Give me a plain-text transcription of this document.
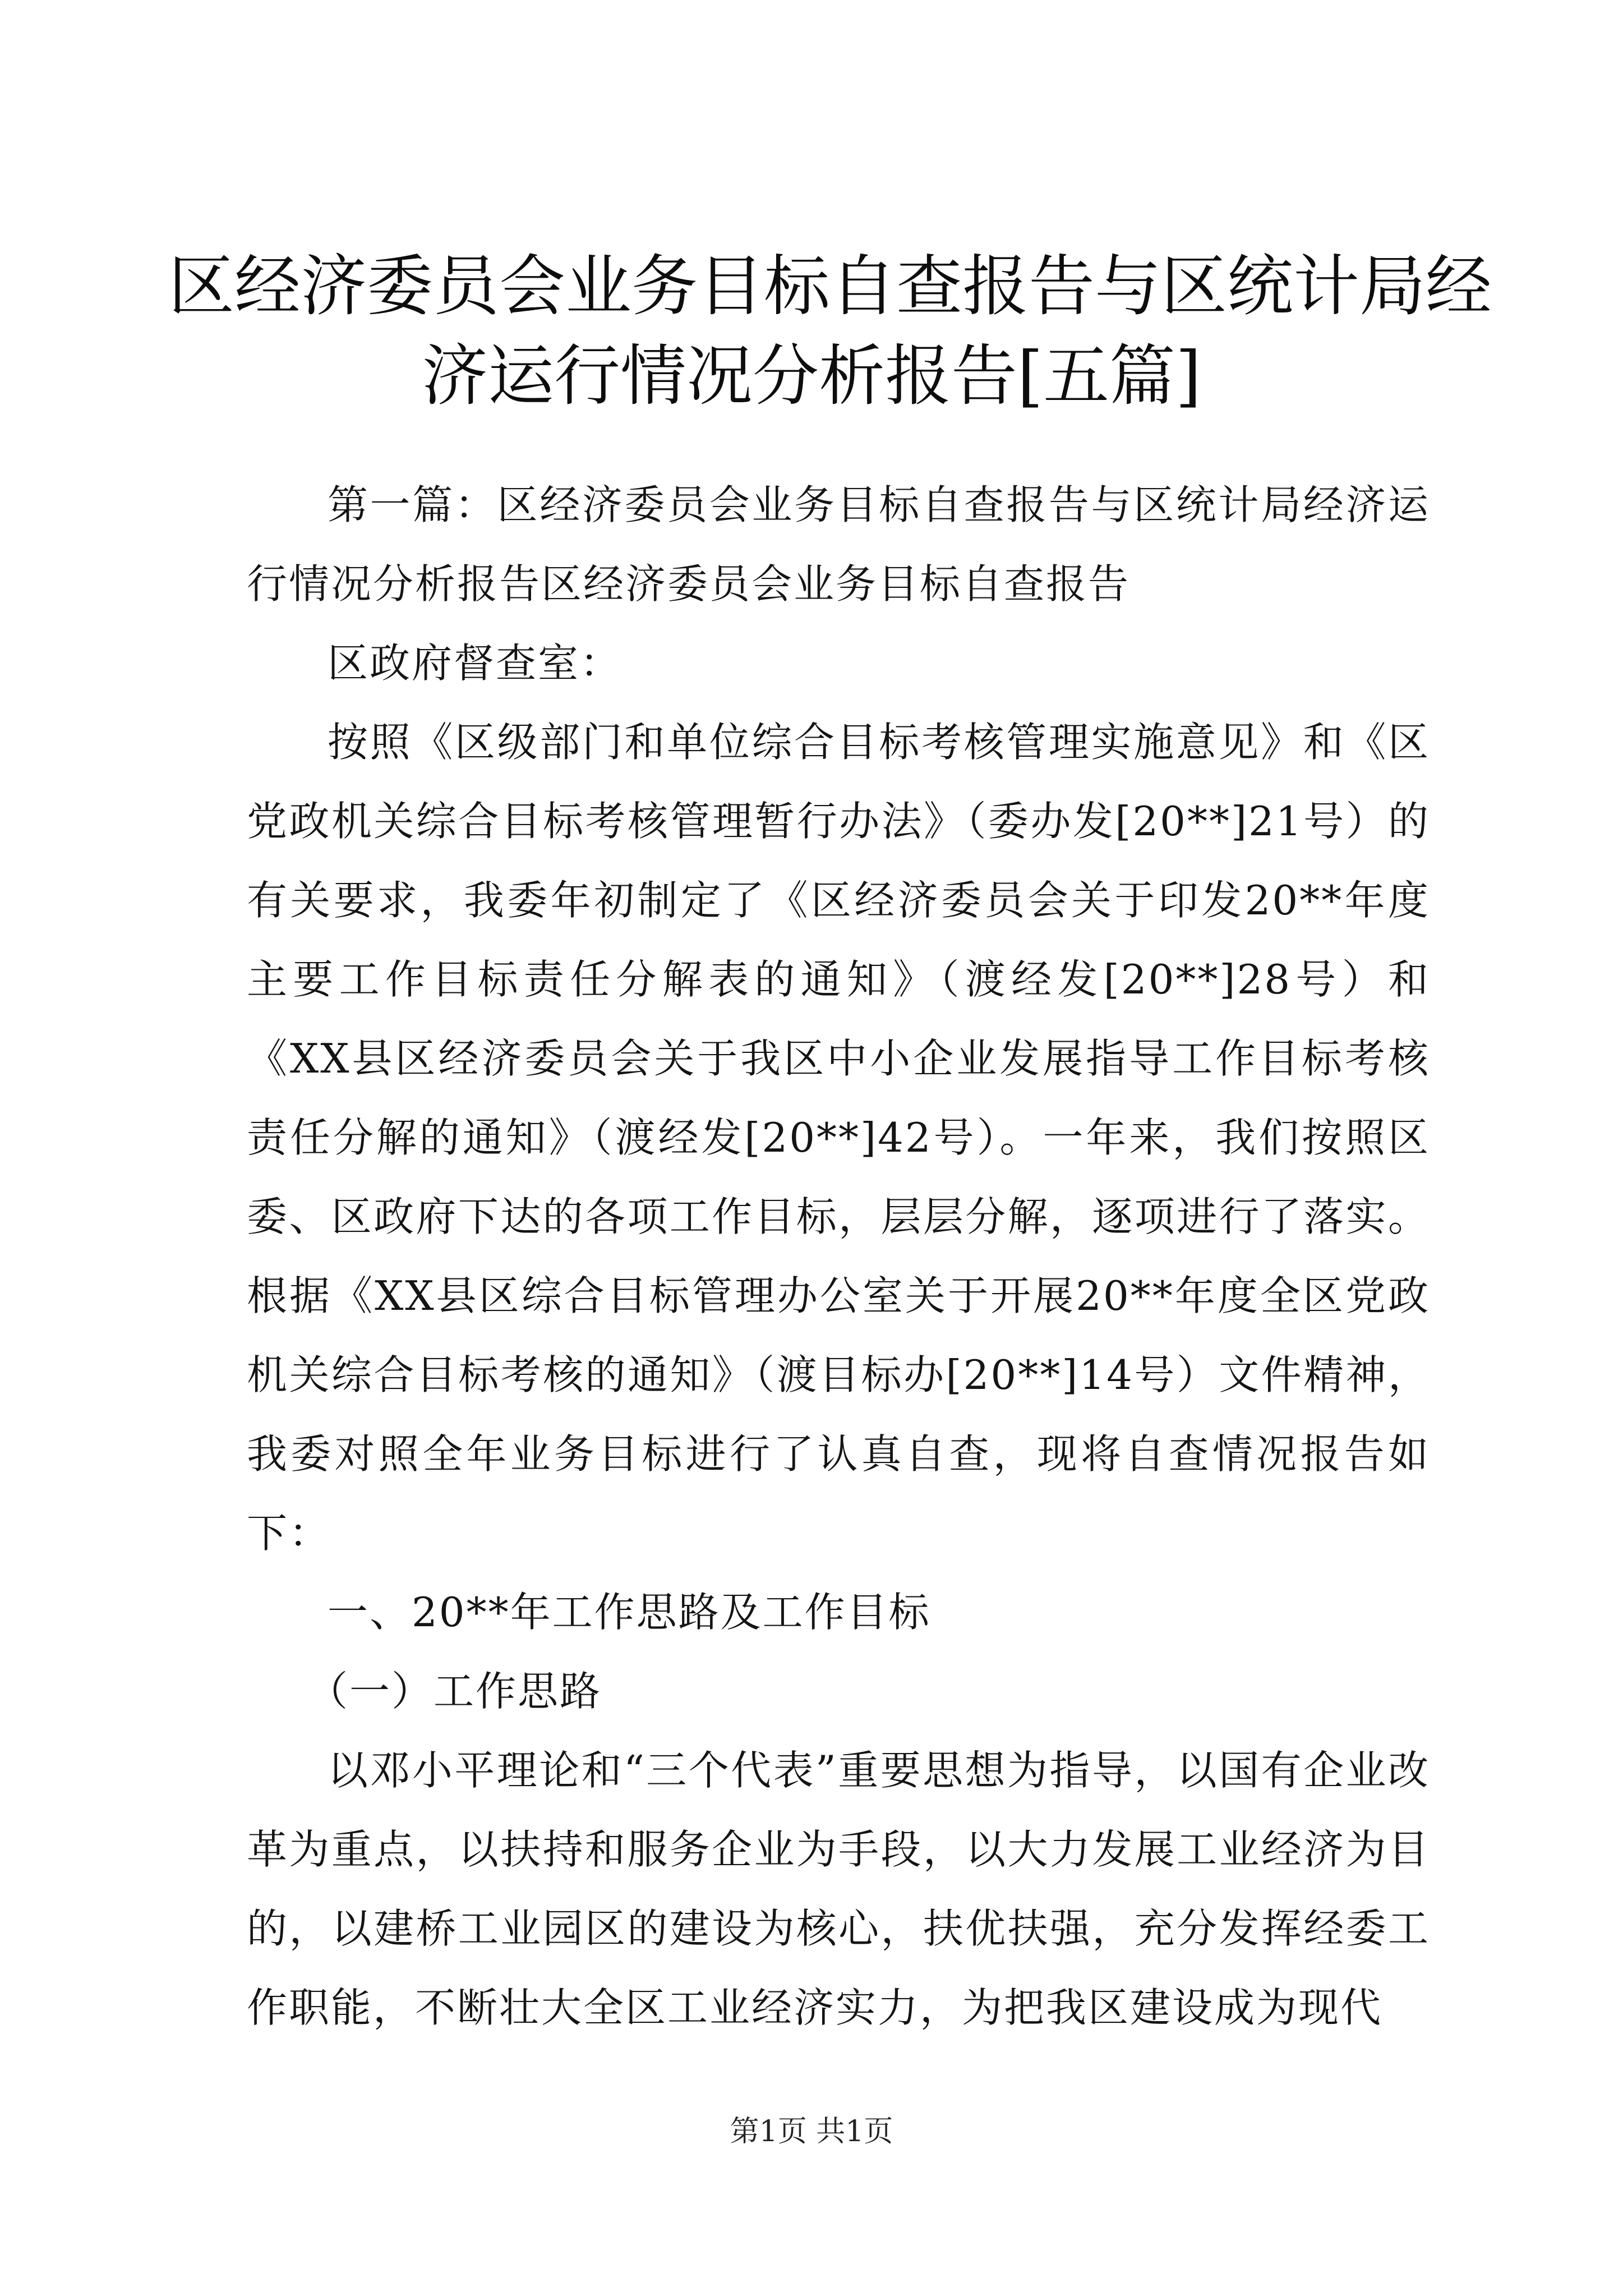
区经济委员会业务目标自查报告与区统计局经
济运行情况分析报告[五篇]

第一篇：区经济委员会业务目标自查报告与区统计局经济运行情况分析报告区经济委员会业务目标自查报告

区政府督查室：

按照《区级部门和单位综合目标考核管理实施意见》和《区党政机关综合目标考核管理暂行办法》（委办发[20**]21号）的有关要求，我委年初制定了《区经济委员会关于印发20**年度主要工作目标责任分解表的通知》（渡经发[20**]28号）和《XX县区经济委员会关于我区中小企业发展指导工作目标考核责任分解的通知》（渡经发[20**]42号）。一年来，我们按照区委、区政府下达的各项工作目标，层层分解，逐项进行了落实。根据《XX县区综合目标管理办公室关于开展20**年度全区党政机关综合目标考核的通知》（渡目标办[20**]14号）文件精神，我委对照全年业务目标进行了认真自查，现将自查情况报告如下：

一、20**年工作思路及工作目标

（一）工作思路

以邓小平理论和“三个代表”重要思想为指导，以国有企业改革为重点，以扶持和服务企业为手段，以大力发展工业经济为目的，以建桥工业园区的建设为核心，扶优扶强，充分发挥经委工作职能，不断壮大全区工业经济实力，为把我区建设成为现代

第1页 共1页
